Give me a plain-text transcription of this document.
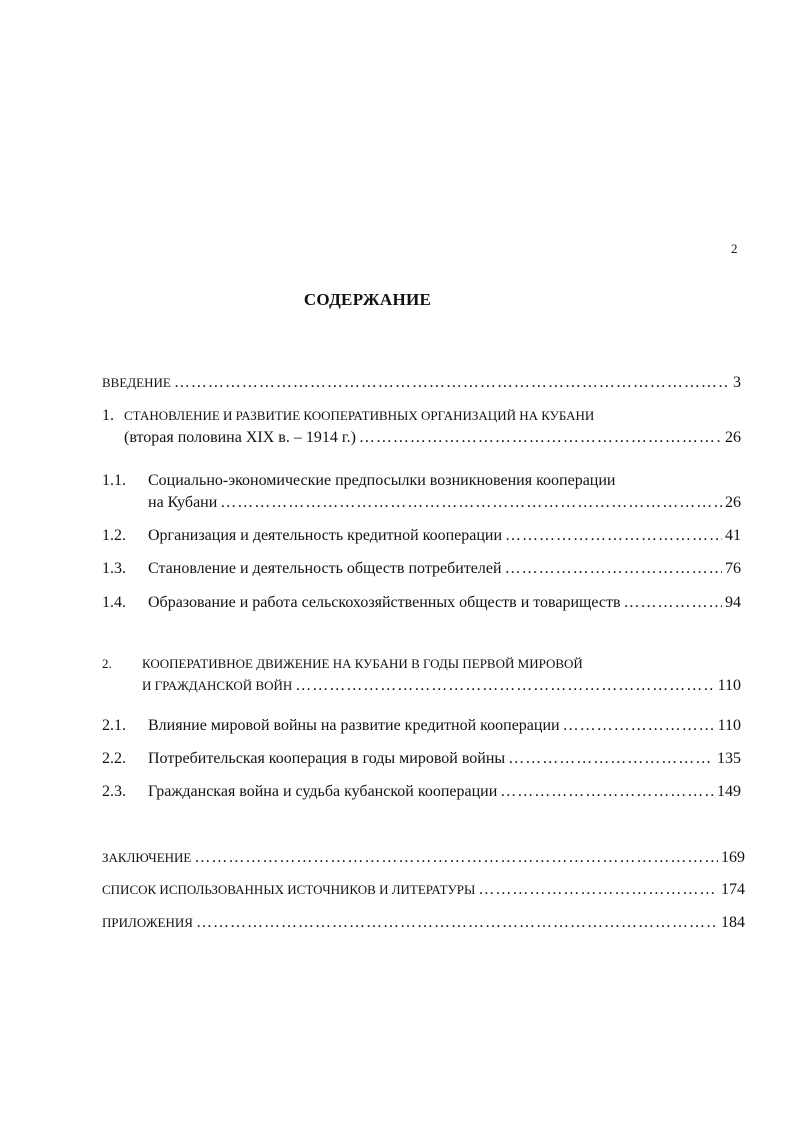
2
СОДЕРЖАНИЕ
ВВЕДЕНИЕ …………………………………………………………………………………………………………………………………………………………………………	3
1. СТАНОВЛЕНИЕ И РАЗВИТИЕ КООПЕРАТИВНЫХ ОРГАНИЗАЦИЙ НА КУБАНИ
(вторая половина XIX в. – 1914 г.) …………………………………………………………………………………………………………………………………………………………………………	26
1.1. Социально-экономические предпосылки возникновения кооперации
на Кубани …………………………………………………………………………………………………………………………………………………………………………	26
1.2. Организация и деятельность кредитной кооперации …………………………………………………………………………………………………………………………………………………………………………	41
1.3. Становление и деятельность обществ потребителей …………………………………………………………………………………………………………………………………………………………………………	76
1.4. Образование и работа сельскохозяйственных обществ и товариществ …………………………………………………………………………………………………………………………………………………………………………	94
2. КООПЕРАТИВНОЕ ДВИЖЕНИЕ НА КУБАНИ В ГОДЫ ПЕРВОЙ МИРОВОЙ
И ГРАЖДАНСКОЙ ВОЙН …………………………………………………………………………………………………………………………………………………………………………	110
2.1. Влияние мировой войны на развитие кредитной кооперации …………………………………………………………………………………………………………………………………………………………………………	110
2.2. Потребительская кооперация в годы мировой войны …………………………………………………………………………………………………………………………………………………………………………	135
2.3. Гражданская война и судьба кубанской кооперации …………………………………………………………………………………………………………………………………………………………………………	149
ЗАКЛЮЧЕНИЕ …………………………………………………………………………………………………………………………………………………………………………	169
СПИСОК ИСПОЛЬЗОВАННЫХ ИСТОЧНИКОВ И ЛИТЕРАТУРЫ …………………………………………………………………………………………………………………………………………………………………………	174
ПРИЛОЖЕНИЯ …………………………………………………………………………………………………………………………………………………………………………	184
